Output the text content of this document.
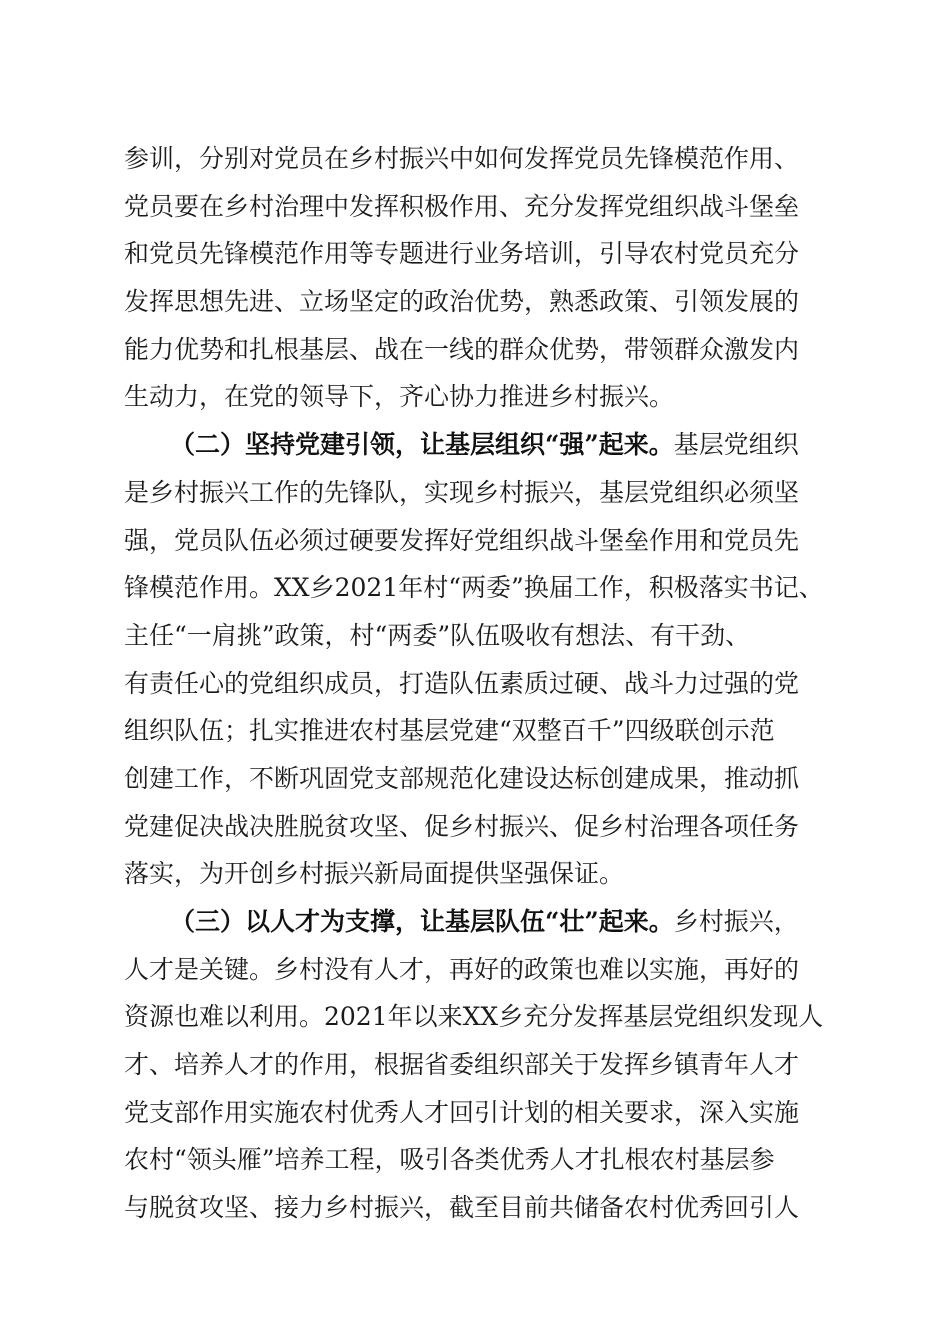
参训，分别对党员在乡村振兴中如何发挥党员先锋模范作用、
党员要在乡村治理中发挥积极作用、充分发挥党组织战斗堡垒
和党员先锋模范作用等专题进行业务培训，引导农村党员充分
发挥思想先进、立场坚定的政治优势，熟悉政策、引领发展的
能力优势和扎根基层、战在一线的群众优势，带领群众激发内
生动力，在党的领导下，齐心协力推进乡村振兴。
（二）坚持党建引领，让基层组织“强”起来。基层党组织
是乡村振兴工作的先锋队，实现乡村振兴，基层党组织必须坚
强，党员队伍必须过硬要发挥好党组织战斗堡垒作用和党员先
锋模范作用。XX乡2021年村“两委”换届工作，积极落实书记、
主任“一肩挑”政策，村“两委”队伍吸收有想法、有干劲、
有责任心的党组织成员，打造队伍素质过硬、战斗力过强的党
组织队伍；扎实推进农村基层党建“双整百千”四级联创示范
创建工作，不断巩固党支部规范化建设达标创建成果，推动抓
党建促决战决胜脱贫攻坚、促乡村振兴、促乡村治理各项任务
落实，为开创乡村振兴新局面提供坚强保证。
（三）以人才为支撑，让基层队伍“壮”起来。乡村振兴，
人才是关键。乡村没有人才，再好的政策也难以实施，再好的
资源也难以利用。2021年以来XX乡充分发挥基层党组织发现人
才、培养人才的作用，根据省委组织部关于发挥乡镇青年人才
党支部作用实施农村优秀人才回引计划的相关要求，深入实施
农村“领头雁”培养工程，吸引各类优秀人才扎根农村基层参
与脱贫攻坚、接力乡村振兴，截至目前共储备农村优秀回引人
